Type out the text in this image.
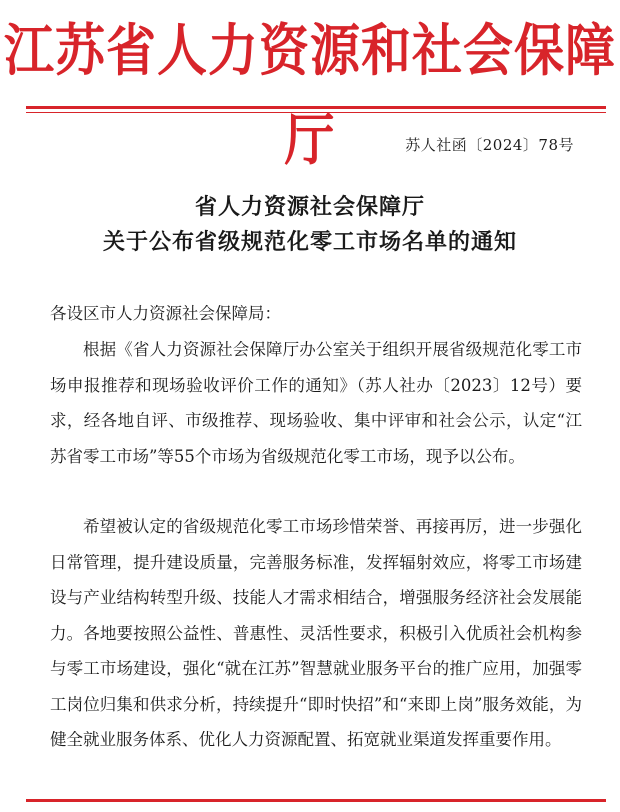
江苏省人力资源和社会保障厅	苏人社函〔2024〕78号
省人力资源社会保障厅
关于公布省级规范化零工市场名单的通知
各设区市人力资源社会保障局：
根据《省人力资源社会保障厅办公室关于组织开展省级规范化零工市场申报推荐和现场验收评价工作的通知》（苏人社办〔2023〕12号）要求，经各地自评、市级推荐、现场验收、集中评审和社会公示，认定“江苏省零工市场”等55个市场为省级规范化零工市场，现予以公布。
希望被认定的省级规范化零工市场珍惜荣誉、再接再厉，进一步强化日常管理，提升建设质量，完善服务标准，发挥辐射效应，将零工市场建设与产业结构转型升级、技能人才需求相结合，增强服务经济社会发展能力。各地要按照公益性、普惠性、灵活性要求，积极引入优质社会机构参与零工市场建设，强化“就在江苏”智慧就业服务平台的推广应用，加强零工岗位归集和供求分析，持续提升“即时快招”和“来即上岗”服务效能，为健全就业服务体系、优化人力资源配置、拓宽就业渠道发挥重要作用。
